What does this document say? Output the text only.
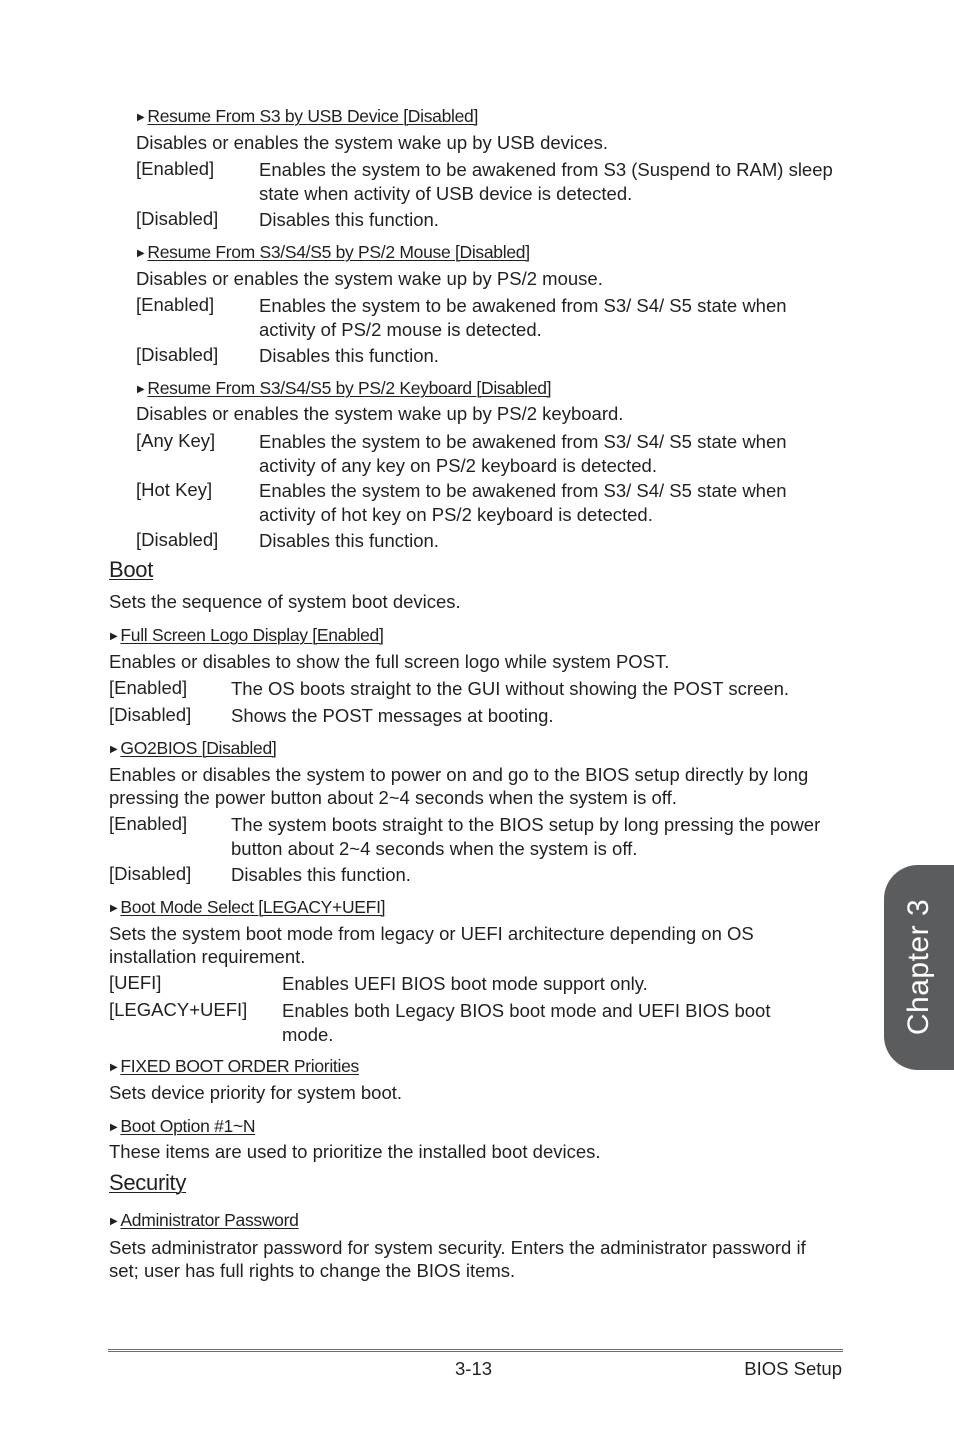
▶ Resume From S3 by USB Device [Disabled]
Disables or enables the system wake up by USB devices.
[Enabled] Enables the system to be awakened from S3 (Suspend to RAM) sleep state when activity of USB device is detected.
[Disabled] Disables this function.
▶ Resume From S3/S4/S5 by PS/2 Mouse [Disabled]
Disables or enables the system wake up by PS/2 mouse.
[Enabled] Enables the system to be awakened from S3/ S4/ S5 state when activity of PS/2 mouse is detected.
[Disabled] Disables this function.
▶ Resume From S3/S4/S5 by PS/2 Keyboard [Disabled]
Disables or enables the system wake up by PS/2 keyboard.
[Any Key] Enables the system to be awakened from S3/ S4/ S5 state when activity of any key on PS/2 keyboard is detected.
[Hot Key]	Enables the system to be awakened from S3/ S4/ S5 state when activity of hot key on PS/2 keyboard is detected.
[Disabled] Disables this function.
Boot
Sets the sequence of system boot devices.
▶ Full Screen Logo Display [Enabled]
Enables or disables to show the full screen logo while system POST.
[Enabled] The OS boots straight to the GUI without showing the POST screen.
[Disabled] Shows the POST messages at booting.
▶ GO2BIOS [Disabled]
Enables or disables the system to power on and go to the BIOS setup directly by long
pressing the power button about 2~4 seconds when the system is off.
[Enabled] The system boots straight to the BIOS setup by long pressing the power button about 2~4 seconds when the system is off.
[Disabled] Disables this function.
▶ Boot Mode Select [LEGACY+UEFI]
Sets the system boot mode from legacy or UEFI architecture depending on OS
installation requirement.
[UEFI]	Enables UEFI BIOS boot mode support only.
[LEGACY+UEFI] Enables both Legacy BIOS boot mode and UEFI BIOS boot mode.
▶ FIXED BOOT ORDER Priorities
Sets device priority for system boot.
▶ Boot Option #1~N
These items are used to prioritize the installed boot devices.
Security
▶ Administrator Password
Sets administrator password for system security. Enters the administrator password if
set; user has full rights to change the BIOS items.
3-13	BIOS Setup
Chapter 3
